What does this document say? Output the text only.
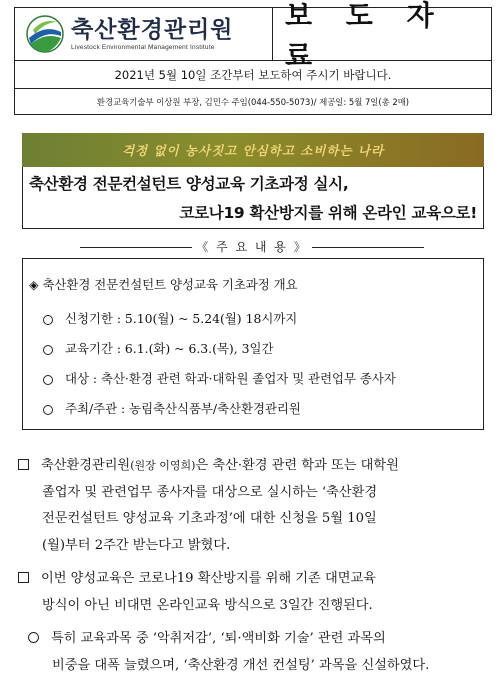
축산환경관리원
Livestock Environmental Management Institute
보 도 자 료
2021년 5월 10일 조간부터 보도하여 주시기 바랍니다.
환경교육기술부 이상원 부장, 김민수 주임(044-550-5073)/ 제공일: 5월 7일(총 2매)
걱정 없이 농사짓고 안심하고 소비하는 나라
축산환경 전문컨설턴트 양성교육 기초과정 실시,
코로나19 확산방지를 위해 온라인 교육으로!
《 주 요 내 용 》
◈ 축산환경 전문컨설턴트 양성교육 기초과정 개요
신청기한 : 5.10(월) ~ 5.24(월) 18시까지
교육기간 : 6.1.(화) ~ 6.3.(목), 3일간
대상 : 축산·환경 관련 학과·대학원 졸업자 및 관련업무 종사자
주최/주관 : 농림축산식품부/축산환경관리원
축산환경관리원(원장 이영희)은 축산·환경 관련 학과 또는 대학원
졸업자 및 관련업무 종사자를 대상으로 실시하는 ‘축산환경
전문컨설턴트 양성교육 기초과정’에 대한 신청을 5월 10일
(월)부터 2주간 받는다고 밝혔다.
이번 양성교육은 코로나19 확산방지를 위해 기존 대면교육
방식이 아닌 비대면 온라인교육 방식으로 3일간 진행된다.
특히 교육과목 중 ‘악취저감’, ‘퇴·액비화 기술’ 관련 과목의
비중을 대폭 늘렸으며, ‘축산환경 개선 컨설팅’ 과목을 신설하였다.
